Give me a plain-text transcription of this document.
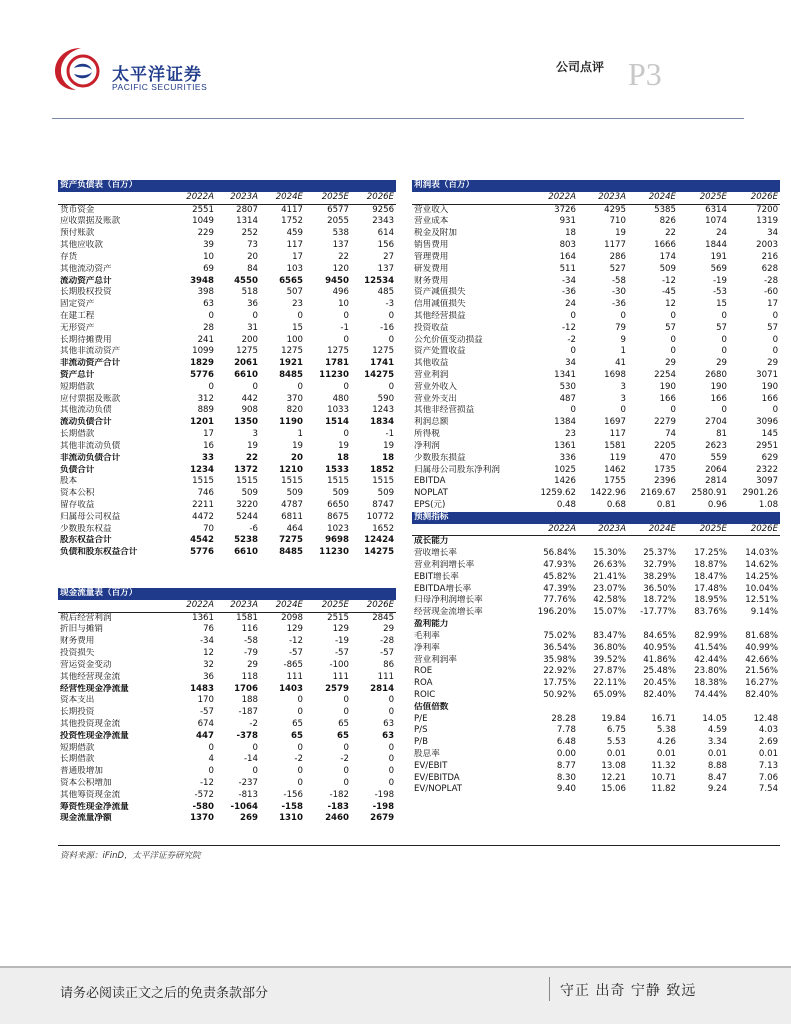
太平洋证券
PACIFIC SECURITIES
公司点评 P3
资产负债表（百万）					
	2022A	2023A	2024E	2025E	2026E
货币资金	2551	2807	4117	6577	9256
应收票据及账款	1049	1314	1752	2055	2343
预付账款	229	252	459	538	614
其他应收款	39	73	117	137	156
存货	10	20	17	22	27
其他流动资产	69	84	103	120	137
流动资产总计	3948	4550	6565	9450	12534
长期股权投资	398	518	507	496	485
固定资产	63	36	23	10	-3
在建工程	0	0	0	0	0
无形资产	28	31	15	-1	-16
长期待摊费用	241	200	100	0	0
其他非流动资产	1099	1275	1275	1275	1275
非流动资产合计	1829	2061	1921	1781	1741
资产总计	5776	6610	8485	11230	14275
短期借款	0	0	0	0	0
应付票据及账款	312	442	370	480	590
其他流动负债	889	908	820	1033	1243
流动负债合计	1201	1350	1190	1514	1834
长期借款	17	3	1	0	-1
其他非流动负债	16	19	19	19	19
非流动负债合计	33	22	20	18	18
负债合计	1234	1372	1210	1533	1852
股本	1515	1515	1515	1515	1515
资本公积	746	509	509	509	509
留存收益	2211	3220	4787	6650	8747
归属母公司权益	4472	5244	6811	8675	10772
少数股东权益	70	-6	464	1023	1652
股东权益合计	4542	5238	7275	9698	12424
负债和股东权益合计	5776	6610	8485	11230	14275
现金流量表（百万）					
	2022A	2023A	2024E	2025E	2026E
税后经营利润	1361	1581	2098	2515	2845
折旧与摊销	76	116	129	129	29
财务费用	-34	-58	-12	-19	-28
投资损失	12	-79	-57	-57	-57
营运资金变动	32	29	-865	-100	86
其他经营现金流	36	118	111	111	111
经营性现金净流量	1483	1706	1403	2579	2814
资本支出	170	188	0	0	0
长期投资	-57	-187	0	0	0
其他投资现金流	674	-2	65	65	63
投资性现金净流量	447	-378	65	65	63
短期借款	0	0	0	0	0
长期借款	4	-14	-2	-2	0
普通股增加	0	0	0	0	0
资本公积增加	-12	-237	0	0	0
其他筹资现金流	-572	-813	-156	-182	-198
筹资性现金净流量	-580	-1064	-158	-183	-198
现金流量净额	1370	269	1310	2460	2679
利润表（百万）					
	2022A	2023A	2024E	2025E	2026E
营业收入	3726	4295	5385	6314	7200
营业成本	931	710	826	1074	1319
税金及附加	18	19	22	24	34
销售费用	803	1177	1666	1844	2003
管理费用	164	286	174	191	216
研发费用	511	527	509	569	628
财务费用	-34	-58	-12	-19	-28
资产减值损失	-36	-30	-45	-53	-60
信用减值损失	24	-36	12	15	17
其他经营损益	0	0	0	0	0
投资收益	-12	79	57	57	57
公允价值变动损益	-2	9	0	0	0
资产处置收益	0	1	0	0	0
其他收益	34	41	29	29	29
营业利润	1341	1698	2254	2680	3071
营业外收入	530	3	190	190	190
营业外支出	487	3	166	166	166
其他非经营损益	0	0	0	0	0
利润总额	1384	1697	2279	2704	3096
所得税	23	117	74	81	145
净利润	1361	1581	2205	2623	2951
少数股东损益	336	119	470	559	629
归属母公司股东净利润	1025	1462	1735	2064	2322
EBITDA	1426	1755	2396	2814	3097
NOPLAT	1259.62	1422.96	2169.67	2580.91	2901.26
EPS(元)	0.48	0.68	0.81	0.96	1.08
预测指标					
	2022A	2023A	2024E	2025E	2026E
成长能力					
营收增长率	56.84%	15.30%	25.37%	17.25%	14.03%
营业利润增长率	47.93%	26.63%	32.79%	18.87%	14.62%
EBIT增长率	45.82%	21.41%	38.29%	18.47%	14.25%
EBITDA增长率	47.39%	23.07%	36.50%	17.48%	10.04%
归母净利润增长率	77.76%	42.58%	18.72%	18.95%	12.51%
经营现金流增长率	196.20%	15.07%	-17.77%	83.76%	9.14%
盈利能力					
毛利率	75.02%	83.47%	84.65%	82.99%	81.68%
净利率	36.54%	36.80%	40.95%	41.54%	40.99%
营业利润率	35.98%	39.52%	41.86%	42.44%	42.66%
ROE	22.92%	27.87%	25.48%	23.80%	21.56%
ROA	17.75%	22.11%	20.45%	18.38%	16.27%
ROIC	50.92%	65.09%	82.40%	74.44%	82.40%
估值倍数					
P/E	28.28	19.84	16.71	14.05	12.48
P/S	7.78	6.75	5.38	4.59	4.03
P/B	6.48	5.53	4.26	3.34	2.69
股息率	0.00	0.01	0.01	0.01	0.01
EV/EBIT	8.77	13.08	11.32	8.88	7.13
EV/EBITDA	8.30	12.21	10.71	8.47	7.06
EV/NOPLAT	9.40	15.06	11.82	9.24	7.54
资料来源：iFinD，太平洋证券研究院
请务必阅读正文之后的免责条款部分	守正 出奇 宁静 致远
